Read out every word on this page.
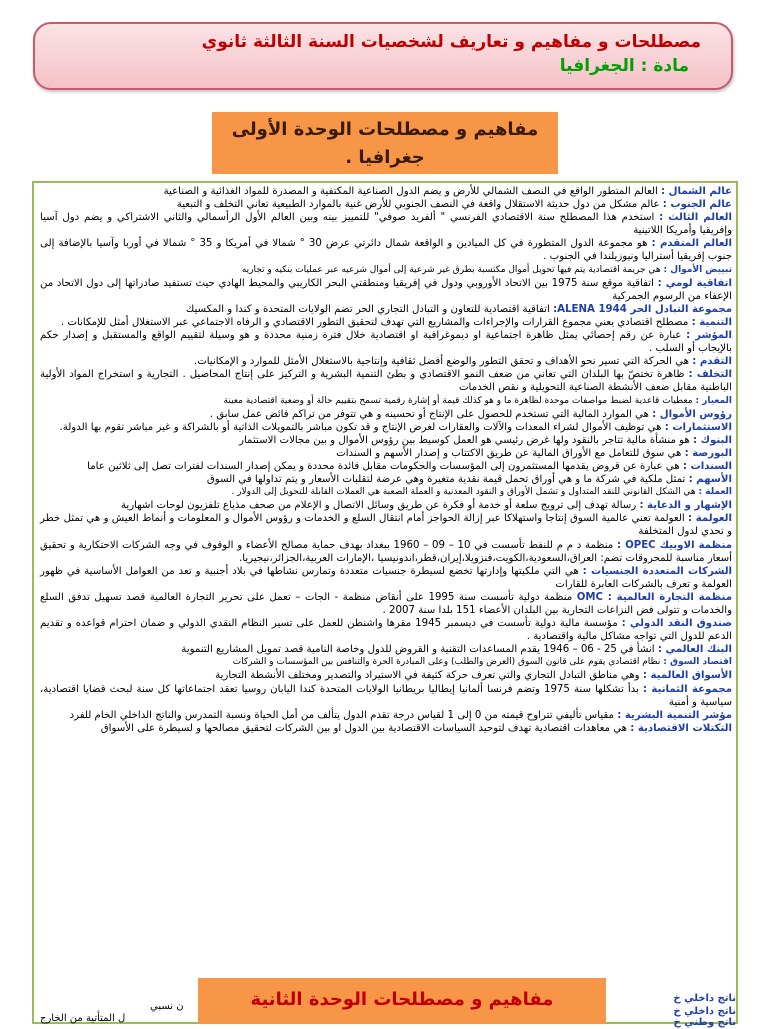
مصطلحات و مفاهيم و تعاريف لشخصيات السنة الثالثة ثانوي
مادة : الجغرافيا
مفاهيم و مصطلحات الوحدة الأولى جغرافيا .
عالم الشمال : العالم المتطور الواقع في النصف الشمالي للأرض و يضم الدول الصناعية المكتفية و المصدرة للمواد الغذائية و الصناعية
عالم الجنوب : عالم مشكل من دول حديثة الاستقلال واقعة في النصف الجنوبي للأرض غنية بالموارد الطبيعية تعاني التخلف و التبعية
العالم الثالث : استخدم هذا المصطلح سنة الاقتصادي الفرنسي " ألفريد صوفي" للتمييز بينه وبين العالم الأول الرأسمالي والثاني الاشتراكي و يضم دول آسيا وإفريقيا وأمريكا اللاتينية
العالم المتقدم : هو مجموعة الدول المتطورة في كل الميادين و الواقعة شمال دائرتي عرض 30 ° شمالا في أمريكا و 35 ° شمالا في أوربا وآسيا بالإضافة إلى جنوب إفريقيا أستراليا ونيوزيلندا في الجنوب .
تبييض الأموال : هي جريمة اقتصادية يتم فيها تحويل أموال مكتسبة بطرق غير شرعية إلى أموال شرعيه عبر عمليات بنكيه و تجاريه
اتفاقية لومي : اتفاقية موقع سنة 1975 بين الاتحاد الأوروبي ودول في إفريقيا ومنطقتي البحر الكاريبي والمحيط الهادي حيث تستفيد صادراتها إلى دول الاتحاد من الإعفاء من الرسوم الجمركية
مجموعة التبادل الحر ALENA 1944: اتفاقية اقتصادية للتعاون و التبادل التجاري الحر تضم الولايات المتحدة و كندا و المكسيك
التنمية : مصطلح اقتصادي يعني مجموع القرارات والإجراءات والمشاريع التي تهدف لتحقيق التطور الاقتصادي و الرفاه الاجتماعي عبر الاستغلال أمثل للإمكانات .
المؤشر : عبارة عن رقم إحصائي يمثل ظاهرة اجتماعية او ديموغرافية او اقتصادية خلال فترة زمنية محددة و هو وسيلة لتقييم الواقع والمستقبل و إصدار حكم بالإيجاب أو السلب .
التقدم : هي الحركة التي تسير نحو الأهداف و تحقق التطور والوضع أفضل ثقافية وإنتاجية بالاستغلال الأمثل للموارد و الإمكانيات.
التخلف : ظاهرة تختصّ بها البلدان التي تعاني من ضعف النمو الاقتصادي و بطئ التنمية البشرية و التركيز على إنتاج المحاصيل . التجارية و استخراج المواد الأولية الباطنية مقابل ضعف الأنشطة الصناعية التحويلية و نقص الخدمات
المعيار : معطيات قاعدية لضبط مواصفات موحدة لظاهرة ما و هو كذلك قيمة أو إشارة رقمية تسمح بتقييم حالة أو وضعية اقتصادية معينة
رؤوس الأموال : هي الموارد المالية التي تستخدم للحصول على الإنتاج أو تحسينه و هي تتوفر من تراكم فائض عمل سابق .
الاستثمارات : هي توظيف الأموال لشراء المعدات والآلات والعقارات لغرض الإنتاج و قد تكون مباشر بالتمويلات الذاتية أو بالشراكة و غير مباشر تقوم بها الدولة.
البنوك : هو منشأة مالية تتاجر بالنقود ولها غرض رئيسي هو العمل كوسيط بين رؤوس الأموال و بين مجالات الاستثمار
البورصة : هي سوق للتعامل مع الأوراق المالية عن طريق الاكتتاب و إصدار الأسهم و السندات
السندات : هي عبارة عن قروض يقدمها المستثمرون إلى المؤسسات والحكومات مقابل فائدة محددة و يمكن إصدار السندات لفترات تصل إلى ثلاثين عاما
الأسهم : تمثل ملكية في شركة ما و هي أوراق تحمل قيمة نقدية متغيرة وهي عرضة لتقلبات الأسعار و يتم تداولها في السوق
العملة : هي الشكل القانوني للنقد المتداول و تشمل الأوراق و النقود المعدنية و العملة الصعبة هي العملات القابلة للتحويل إلى الدولار .
الإشهار و الدعاية : رسالة تهدف إلى ترويج سلعة أو خدمة أو فكرة عن طريق وسائل الاتصال و الإعلام من صحف مذياع تلفزيون لوحات اشهارية
العولمة : العولمة تعني عالمية السوق إنتاجا واستهلاكا عبر إزالة الحواجز أمام انتقال السلع و الخدمات و رؤوس الأموال و المعلومات و أنماط العيش و هي تمثل خطر و تحدي لدول المتخلفة
منظمة الاوبيك OPEC : منظمة د م م للنفط تأسست في 10 – 09 – 1960 ببغداد بهدف حماية مصالح الأعضاء و الوقوف في وجه الشركات الاحتكارية و تحقيق أسعار مناسبة للمحروقات تضم: العراق،السعودية،الكويت،فنزويلا،إيران،قطر،اندونيسيا ،الإمارات العربية،الجزائر،نيجيريا.
الشركات المتعددة الجنسيات : هي التي ملكيتها وإدارتها تخضع لسيطرة جنسيات متعددة وتمارس نشاطها في بلاد أجنبية و تعد من العوامل الأساسية في ظهور العولمة و تعرف بالشركات العابرة للقارات
منظمة التجارة العالمية : OMC منظمة دولية تأسست سنة 1995 على أنقاض منظمة - الجات – تعمل على تحرير التجارة العالمية قصد تسهيل تدفق السلع والخدمات و تتولى فض النزاعات التجارية بين البلدان الأعضاء 151 بلدا سنة 2007 .
صندوق النقد الدولي : مؤسسة مالية دولية تأسست في ديسمبر 1945 مقرها واشنطن للعمل على تسير النظام النقدي الدولي و ضمان احترام قواعده و تقديم الدعم للدول التي تواجه مشاكل مالية واقتصادية .
البنك العالمي : انشأ في 25 - 06 – 1946 يقدم المساعدات التقنية و القروض للدول وخاصة النامية قصد تمويل المشاريع التنموية
اقتصاد السوق : نظام اقتصادي يقوم على قانون السوق (العرض والطلب) وعلى المبادرة الحرة والتنافس بين المؤسسات و الشركات
الأسواق العالمية : وهي مناطق التبادل التجاري والتي تعرف حركة كثيفة في الاستيراد والتصدير ومختلف الأنشطة التجارية
مجموعة الثمانية : بدأ تشكلها سنة 1975 وتضم فرنسا ألمانيا إيطاليا بريطانيا الولايات المتحدة كندا اليابان روسيا تعقد اجتماعاتها كل سنة لبحث قضايا اقتصادية، سياسية و أمنية
مؤشر التنمية البشرية : مقياس تأليفي تتراوح قيمته من 0 إلى 1 لقياس درجة تقدم الدول يتألف من أمل الحياة ونسبة التمدرس والناتج الداخلي الخام للفرد
التكتلات الاقتصادية : هي معاهدات اقتصادية تهدف لتوحيد السياسات الاقتصادية بين الدول او بين الشركات لتحقيق مصالحها و لسيطرة على الأسواق
ناتج داخلي خ
ناتج داخلي خ
ناتج وطني خ
ن نسبي
ل المتأتية من الخارج
مفاهيم و مصطلحات الوحدة الثانية
